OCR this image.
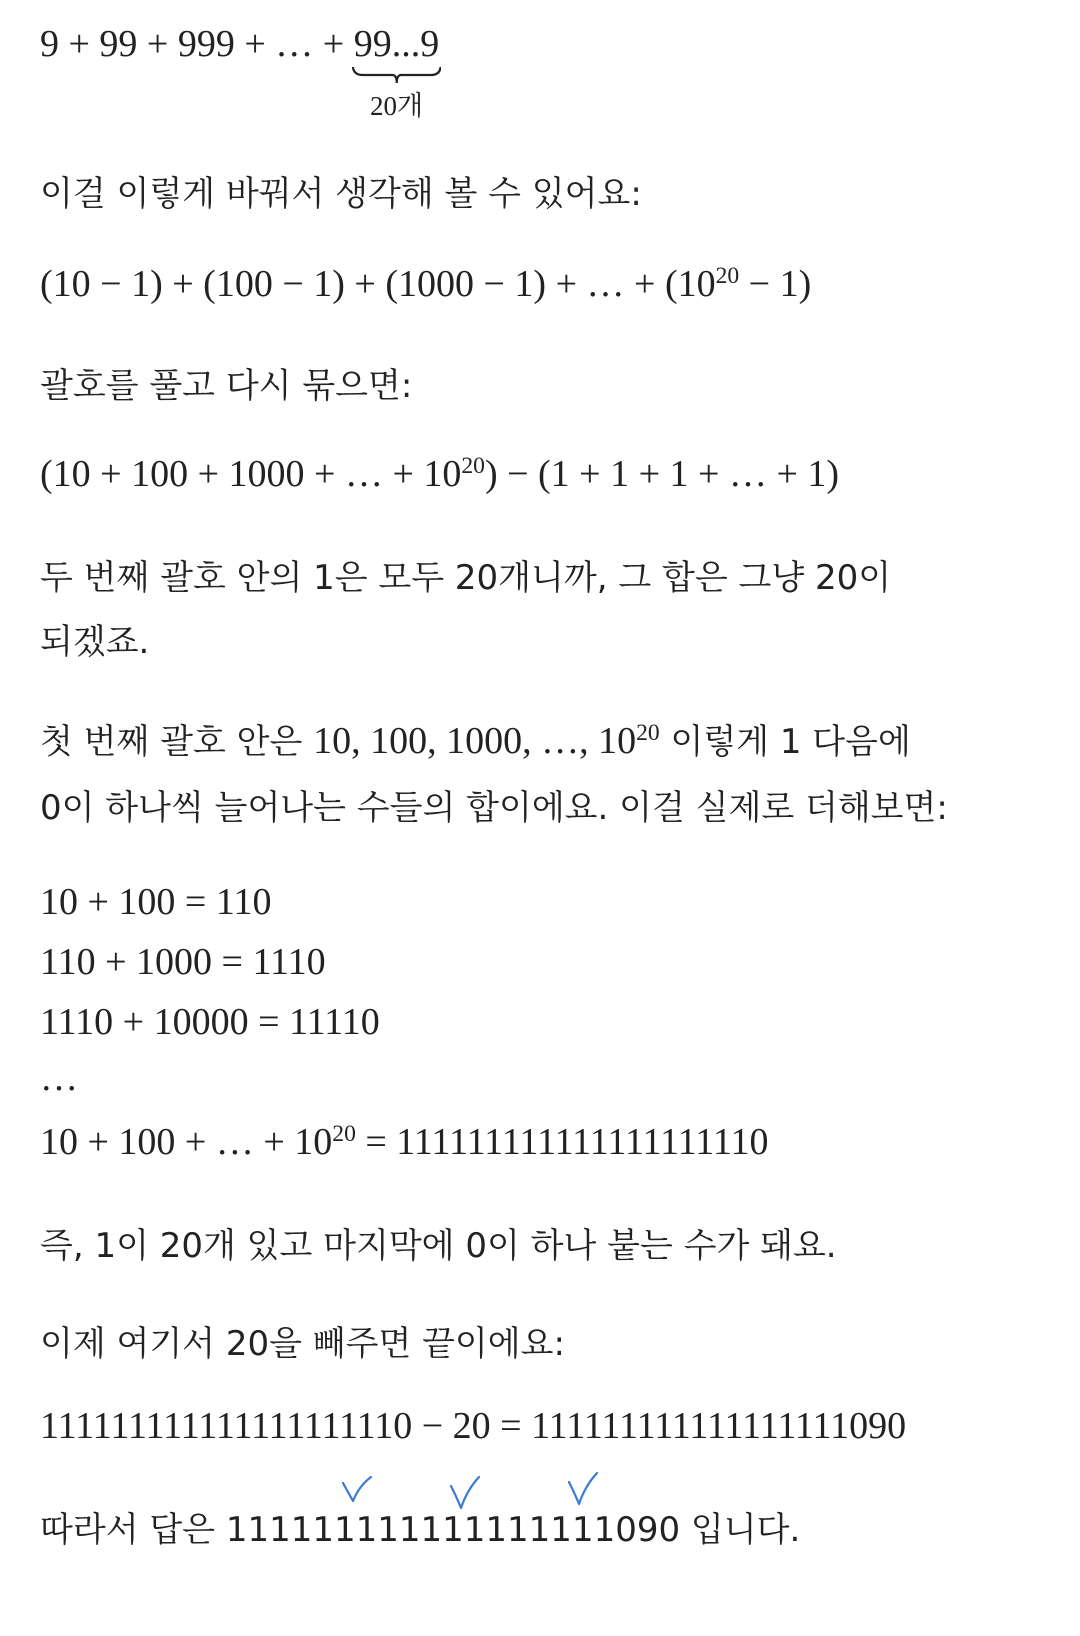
9 + 99 + 999 + … + 99...9
20개
이걸 이렇게 바꿔서 생각해 볼 수 있어요:
(10 − 1) + (100 − 1) + (1000 − 1) + … + $(10^{20} - 1)$
괄호를 풀고 다시 묶으면:
(10 + 100 + 1000 + … + $10^{20}) - (1 + 1 + 1$ + … + 1)
두 번째 괄호 안의 1은 모두 20개니까, 그 합은 그냥 20이
되겠죠.
첫 번째 괄호 안은 10, 100, 1000, …, $10^{20}$ 이렇게 1 다음에
0이 하나씩 늘어나는 수들의 합이에요. 이걸 실제로 더해보면:
10 + 100 = 110
110 + 1000 = 1110
1110 + 10000 = 11110
…
10 + 100 + … + $10^{20} = 111111111111111111110$
즉, 1이 20개 있고 마지막에 0이 하나 붙는 수가 돼요.
이제 여기서 20을 빼주면 끝이에요:
111111111111111111110 − 20 = 111111111111111111090
따라서 답은 111111111111111111090 입니다.
